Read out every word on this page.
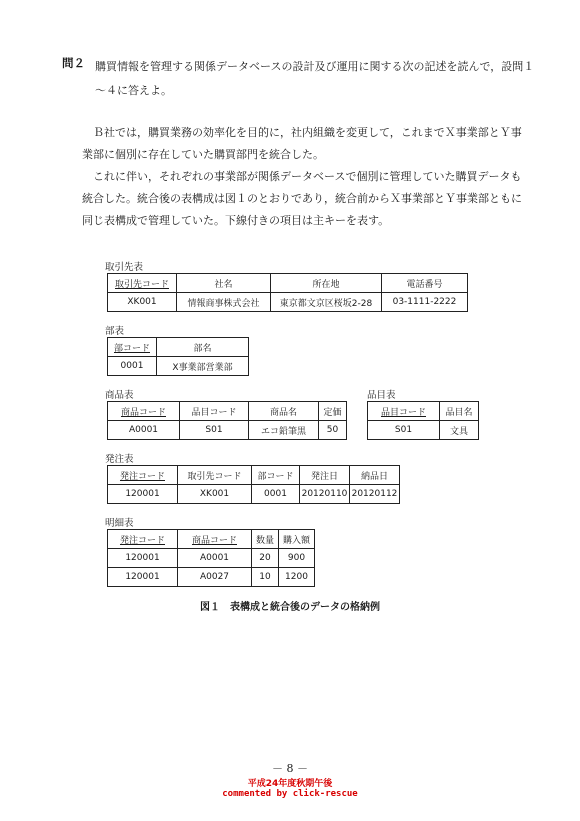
問２ 購買情報を管理する関係データベースの設計及び運用に関する次の記述を読んで，設問１～４に答えよ。
Ｂ社では，購買業務の効率化を目的に，社内組織を変更して，これまでＸ事業部とＹ事業部に個別に存在していた購買部門を統合した。
これに伴い，それぞれの事業部が関係データベースで個別に管理していた購買データも統合した。統合後の表構成は図１のとおりであり，統合前からＸ事業部とＹ事業部ともに同じ表構成で管理していた。下線付きの項目は主キーを表す。
取引先表
取引先コード	社名	所在地	電話番号
XK001	情報商事株式会社	東京都文京区桜坂2-28	03-1111-2222
部表
部コード	部名
0001	X事業部営業部
商品表
商品コード	品目コード	商品名	定価
A0001	S01	エコ鉛筆黒	50
品目表
品目コード	品目名
S01	文具
発注表
発注コード	取引先コード	部コード	発注日	納品日
120001	XK001	0001	20120110	20120112
明細表
発注コード	商品コード	数量	購入額
120001	A0001	20	900
120001	A0027	10	1200
図１　表構成と統合後のデータの格納例
－ 8 －
平成24年度秋期午後
commented by click-rescue
